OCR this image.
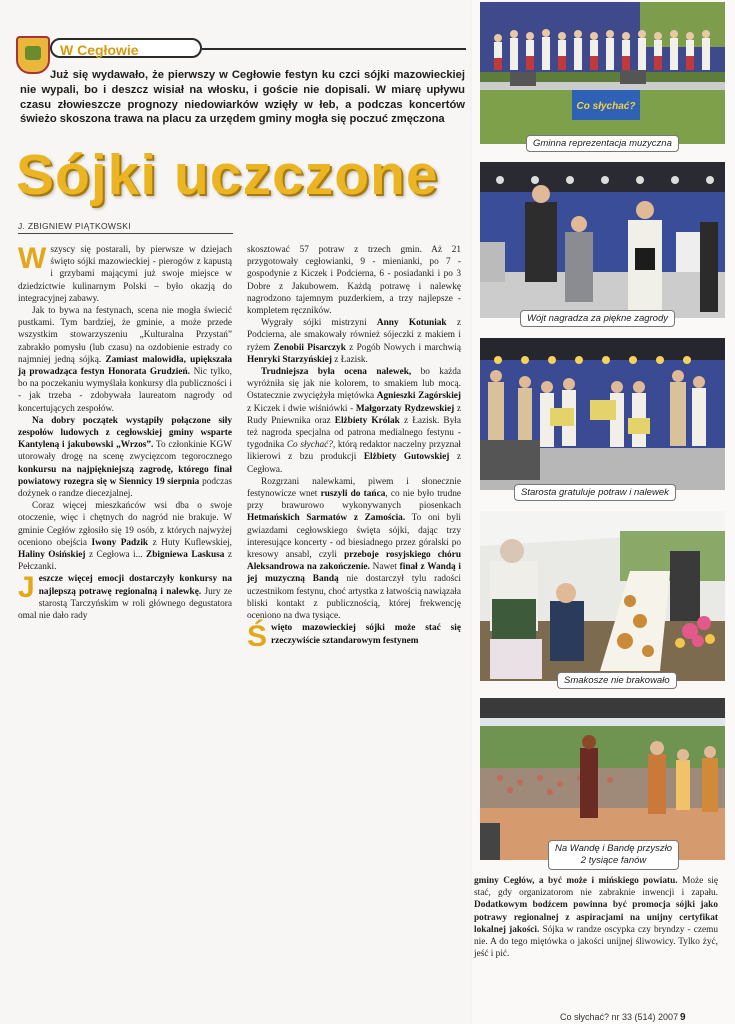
W Cegłowie
Już się wydawało, że pierwszy w Cegłowie festyn ku czci sójki mazowieckiej nie wypali, bo i deszcz wisiał na włosku, i goście nie dopisali. W miarę upływu czasu złowieszcze prognozy niedowiarków wzięły w łeb, a podczas koncertów świeżo skoszona trawa na placu za urzędem gminy mogła się poczuć zmęczona
Sójki uczczone
J. ZBIGNIEW PIĄTKOWSKI

Wszyscy się postarali, by pierwsze w dziejach święto sójki mazowieckiej - pierogów z kapustą i grzybami mającymi już swoje miejsce w dziedzictwie kulinarnym Polski – było okazją do integracyjnej zabawy.

Jak to bywa na festynach, scena nie mogła świecić pustkami. Tym bardziej, że gminie, a może przede wszystkim stowarzyszeniu „Kulturalna Przystań” zabrakło pomysłu (lub czasu) na ozdobienie estrady co najmniej jedną sójką. Zamiast malowidła, upiększała ją prowadząca festyn Honorata Grudzień. Nic tylko, bo na poczekaniu wymyślała konkursy dla publiczności i - jak trzeba - zdobywała laureatom nagrody od koncertujących zespołów.

Na dobry początek wystąpiły połączone siły zespołów ludowych z cegłowskiej gminy wsparte Kantyleną i jakubowski „Wrzos”. To członkinie KGW utorowały drogę na scenę zwycięzcom tegorocznego konkursu na najpiękniejszą zagrodę, którego finał powiatowy rozegra się w Siennicy 19 sierpnia podczas dożynek o randze diecezjalnej.

Coraz więcej mieszkańców wsi dba o swoje otoczenie, więc i chętnych do nagród nie brakuje. W gminie Cegłów zgłosiło się 19 osób, z których najwyżej oceniono obejścia Iwony Padzik z Huty Kuflewskiej, Haliny Osińskiej z Cegłowa i... Zbigniewa Laskusa z Pełczanki.

Jeszcze więcej emocji dostarczyły konkursy na najlepszą potrawę regionalną i nalewkę. Jury ze starostą Tarczyńskim w roli głównego degustatora omal nie dało rady

skosztować 57 potraw z trzech gmin. Aż 21 przygotowały cegłowianki, 9 - mienianki, po 7 - gospodynie z Kiczek i Podcierna, 6 - posiadanki i po 3 Dobre z Jakubowem. Każdą potrawę i nalewkę nagrodzono tajemnym puzderkiem, a trzy najlepsze - kompletem ręczników.

Wygrały sójki mistrzyni Anny Kotuniak z Podcierna, ale smakowały również sójeczki z makiem i ryżem Zenobii Pisarczyk z Pogób Nowych i marchwią Henryki Starzyńskiej z Łazisk.

Trudniejsza była ocena nalewek, bo każda wyróżniła się jak nie kolorem, to smakiem lub mocą. Ostatecznie zwyciężyła miętówka Agnieszki Zagórskiej z Kiczek i dwie wiśniówki - Małgorzaty Rydzewskiej z Rudy Pniewnika oraz Elżbiety Królak z Łazisk. Była też nagroda specjalna od patrona medialnego festynu - tygodnika Co słychać?, którą redaktor naczelny przyznał likierowi z bzu produkcji Elżbiety Gutowskiej z Cegłowa.

Rozgrzani nalewkami, piwem i słonecznie festynowicze wnet ruszyli do tańca, co nie było trudne przy brawurowo wykonywanych piosenkach Hetmańskich Sarmatów z Zamościa. To oni byli gwiazdami cegłowskiego święta sójki, dając trzy interesujące koncerty - od biesiadnego przez góralski po kresowy ansabl, czyli przeboje rosyjskiego chóru Aleksandrowa na zakończenie. Nawet finał z Wandą i jej muzyczną Bandą nie dostarczył tylu radości uczestnikom festynu, choć artystka z łatwością nawiązała bliski kontakt z publicznością, której frekwencję oceniono na dwa tysiące.

Święto mazowieckiej sójki może stać się rzeczywiście sztandarowym festynem

Co słychać?
Gminna reprezentacja muzyczna
Wójt nagradza za piękne zagrody
Starosta gratuluje potraw i nalewek
Smakosze nie brakowało
Na Wandę i Bandę przyszło
2 tysiące fanów

gminy Cegłów, a być może i mińskiego powiatu. Może się stać, gdy organizatorom nie zabraknie inwencji i zapału. Dodatkowym bodźcem powinna być promocja sójki jako potrawy regionalnej z aspiracjami na unijny certyfikat lokalnej jakości. Sójka w randze oscypka czy bryndzy - czemu nie. A do tego miętówka o jakości unijnej śliwowicy. Tylko żyć, jeść i pić.

Co słychać? nr 33 (514) 2007 9
